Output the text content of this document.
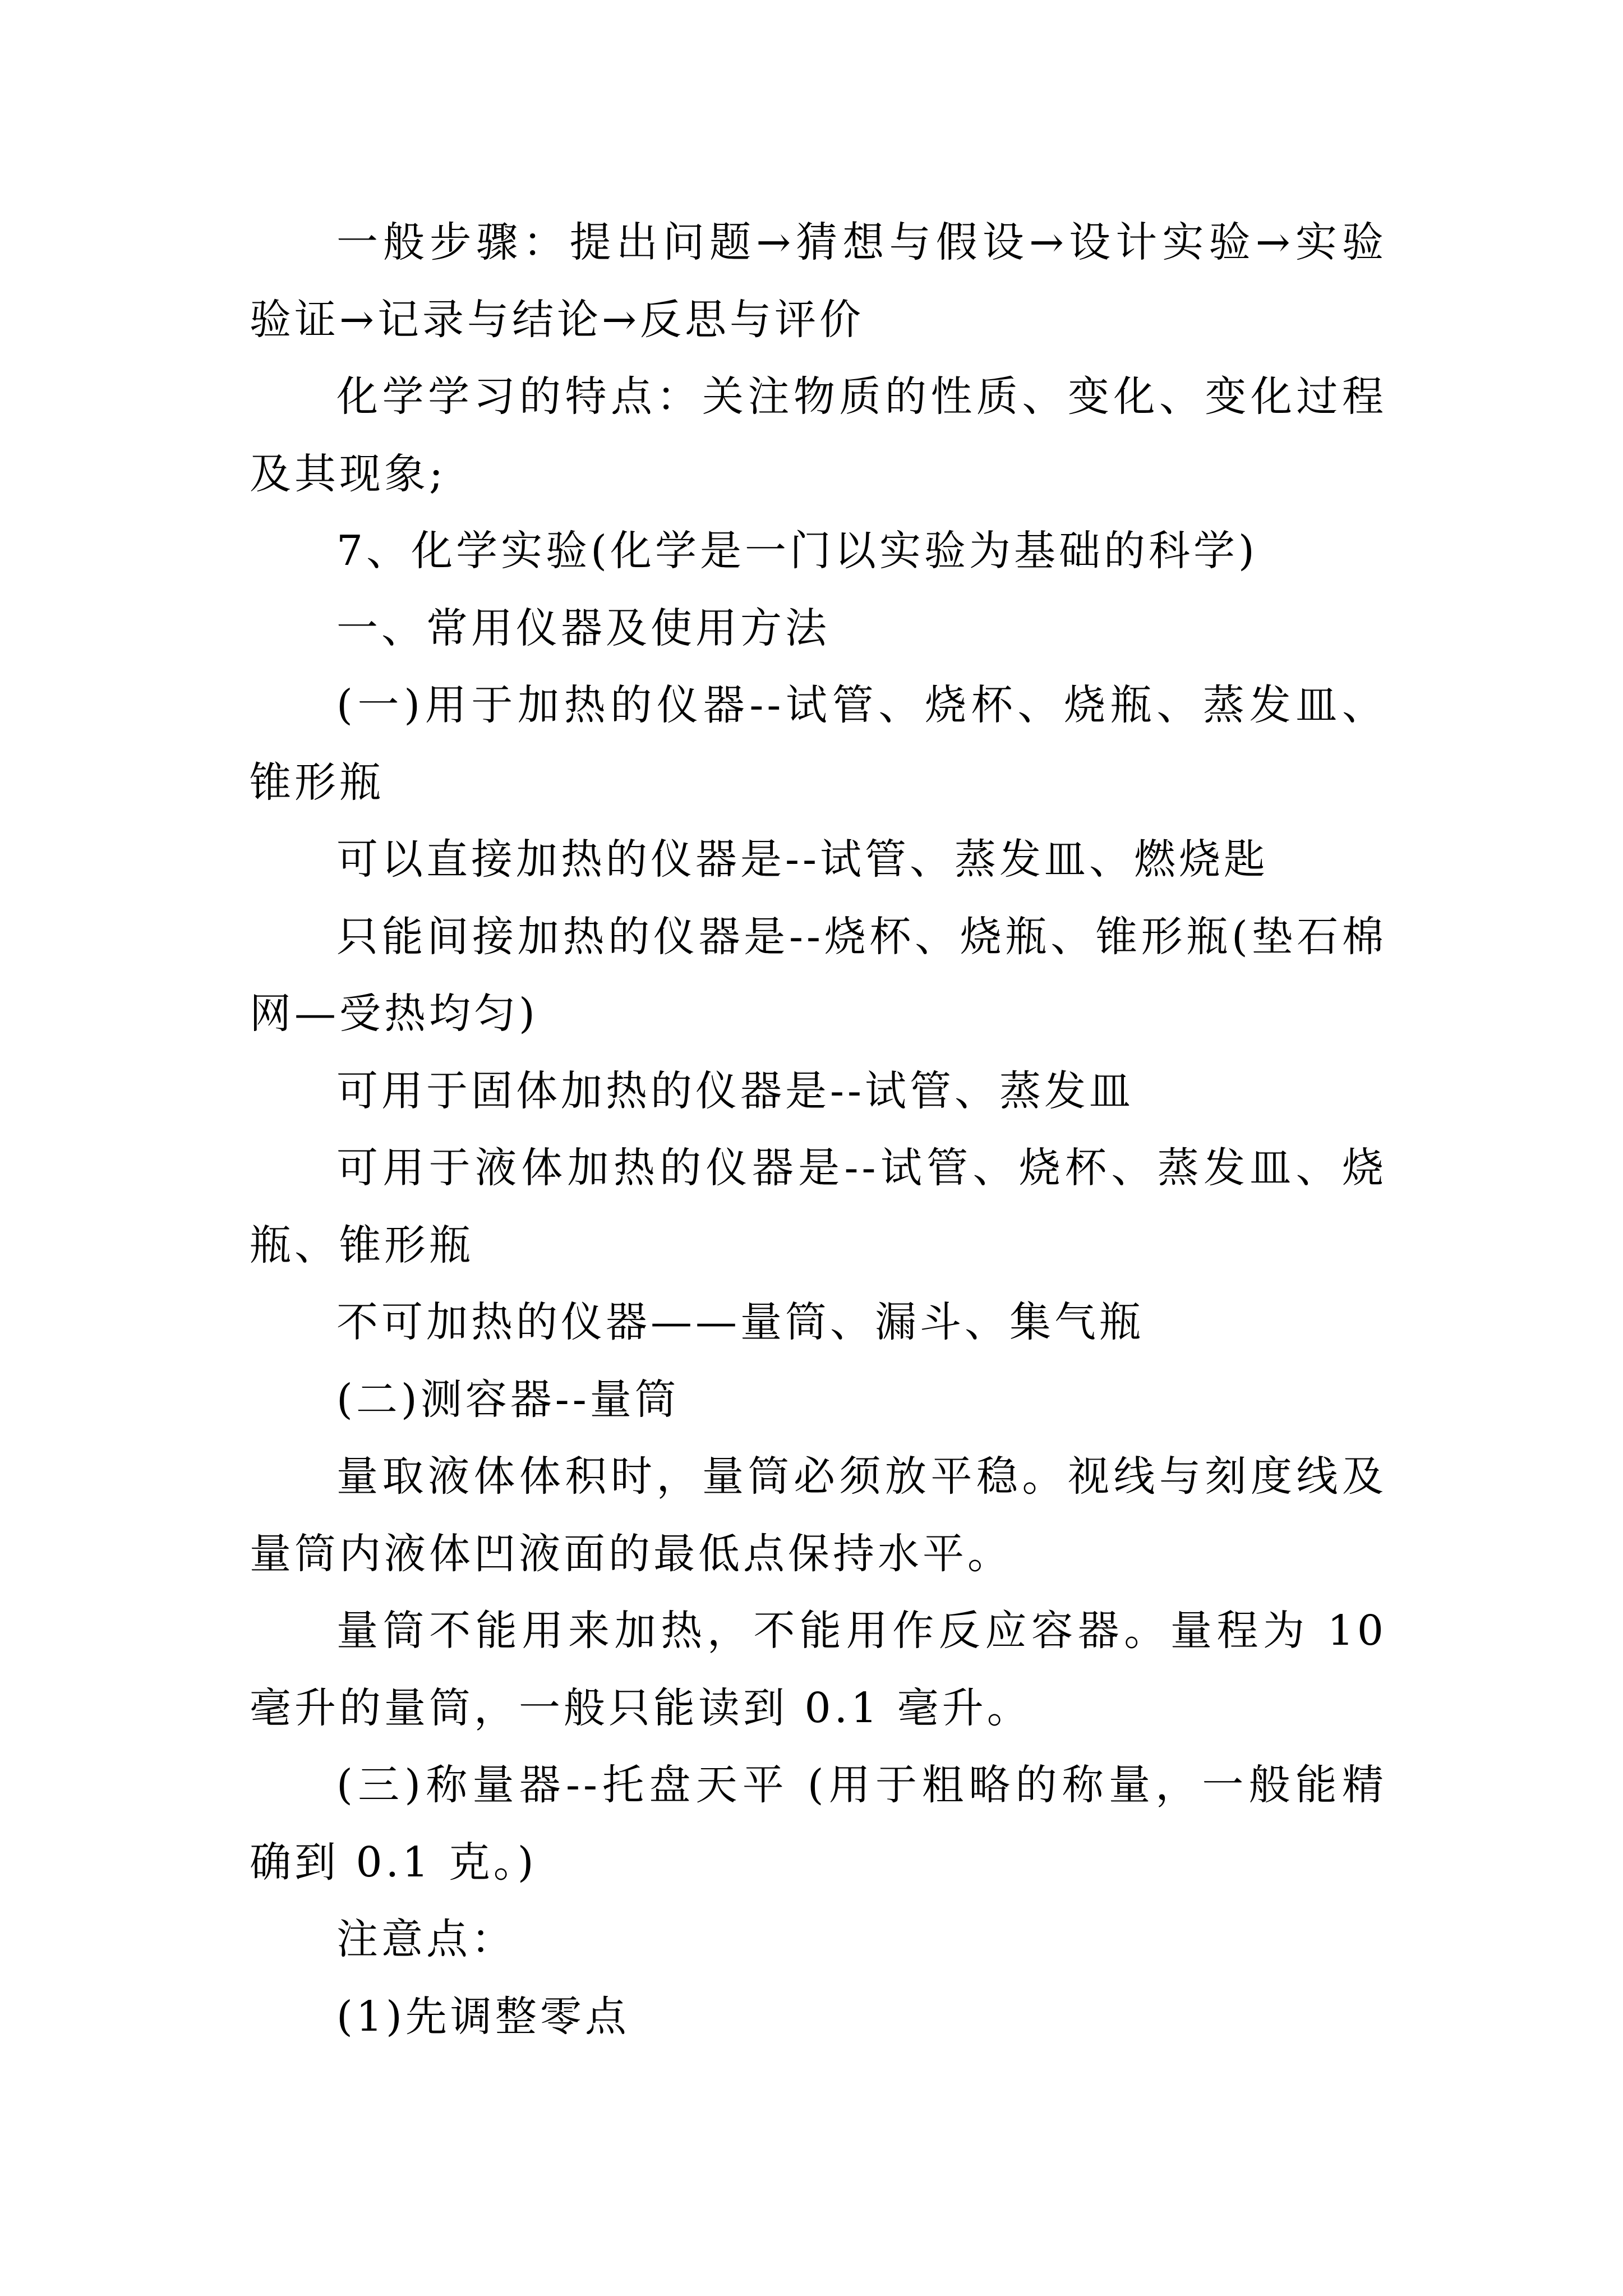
一般步骤：提出问题→猜想与假设→设计实验→实验验证→记录与结论→反思与评价

化学学习的特点：关注物质的性质、变化、变化过程及其现象;

7、化学实验(化学是一门以实验为基础的科学)

一、常用仪器及使用方法

(一)用于加热的仪器--试管、烧杯、烧瓶、蒸发皿、锥形瓶

可以直接加热的仪器是--试管、蒸发皿、燃烧匙

只能间接加热的仪器是--烧杯、烧瓶、锥形瓶(垫石棉网—受热均匀)

可用于固体加热的仪器是--试管、蒸发皿

可用于液体加热的仪器是--试管、烧杯、蒸发皿、烧瓶、锥形瓶

不可加热的仪器——量筒、漏斗、集气瓶

(二)测容器--量筒

量取液体体积时，量筒必须放平稳。视线与刻度线及量筒内液体凹液面的最低点保持水平。

量筒不能用来加热，不能用作反应容器。量程为 10 毫升的量筒，一般只能读到 0.1 毫升。

(三)称量器--托盘天平 (用于粗略的称量，一般能精确到 0.1 克。)

注意点：

(1)先调整零点
